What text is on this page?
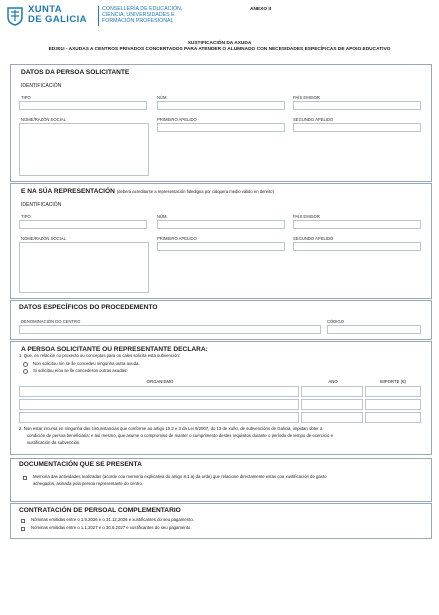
XUNTA
DE GALICIA
CONSELLERÍA DE EDUCACIÓN,
CIENCIA, UNIVERSIDADES E
FORMACIÓN PROFESIONAL
ANEXO II
XUSTIFICACIÓN DA AXUDA
ED301I - AXUDAS A CENTROS PRIVADOS CONCERTADOS PARA ATENDER O ALUMNADO CON NECESIDADES ESPECÍFICAS DE APOIO EDUCATIVO
DATOS DA PERSOA SOLICITANTE
IDENTIFICACIÓN
TIPO	NÚM.	PAÍS EMISOR
NOME/RAZÓN SOCIAL	PRIMEIRO APELIDO	SEGUNDO APELIDO
E NA SÚA REPRESENTACIÓN (deberá acreditarse a representación fidedigna por calquera medio válido en dereito)
IDENTIFICACIÓN
TIPO	NÚM.	PAÍS EMISOR
NOME/RAZÓN SOCIAL	PRIMEIRO APELIDO	SEGUNDO APELIDO
DATOS ESPECÍFICOS DO PROCEDEMENTO
DENOMINACIÓN DO CENTRO	CÓDIGO
A PERSOA SOLICITANTE OU REPRESENTANTE DECLARA:
1. Que, en relación co proxecto ou conceptos para os cales solicita esta subvención:
Non solicitou nin se lle concedeu ningunha outra axuda.
Si solicitou e/ou se lle concederon outras axudas:
ORGANISMO	ANO	IMPORTE (€)
2. Non estar incursa en ningunha das circunstancias que conforme ao artigo 10.2 e 3 da Lei 9/2007, do 13 de xuño, de subvencións de Galicia, impidan obter a
condición de persoa beneficiaria; e así mesmo, que asume o compromiso de manter o cumprimento destes requisitos durante o período de tempo de exercicio e
xustificación da subvención.
DOCUMENTACIÓN QUE SE PRESENTA
Memoria das actividades realizadas (acorde coa memoria explicativa do artigo 8.1.a) da orde) que relacione directamente estas coa xustificación de gasto
achegados, asinada pola persoa representante do centro.
CONTRATACIÓN DE PERSOAL COMPLEMENTARIO
Nóminas emitidas entre o 1.9.2026 e o 31.12.2026 e xustificantes do seu pagamento.
Nóminas emitidas entre o 1.1.2027 e o 30.6.2027 e xustificantes do seu pagamento.
